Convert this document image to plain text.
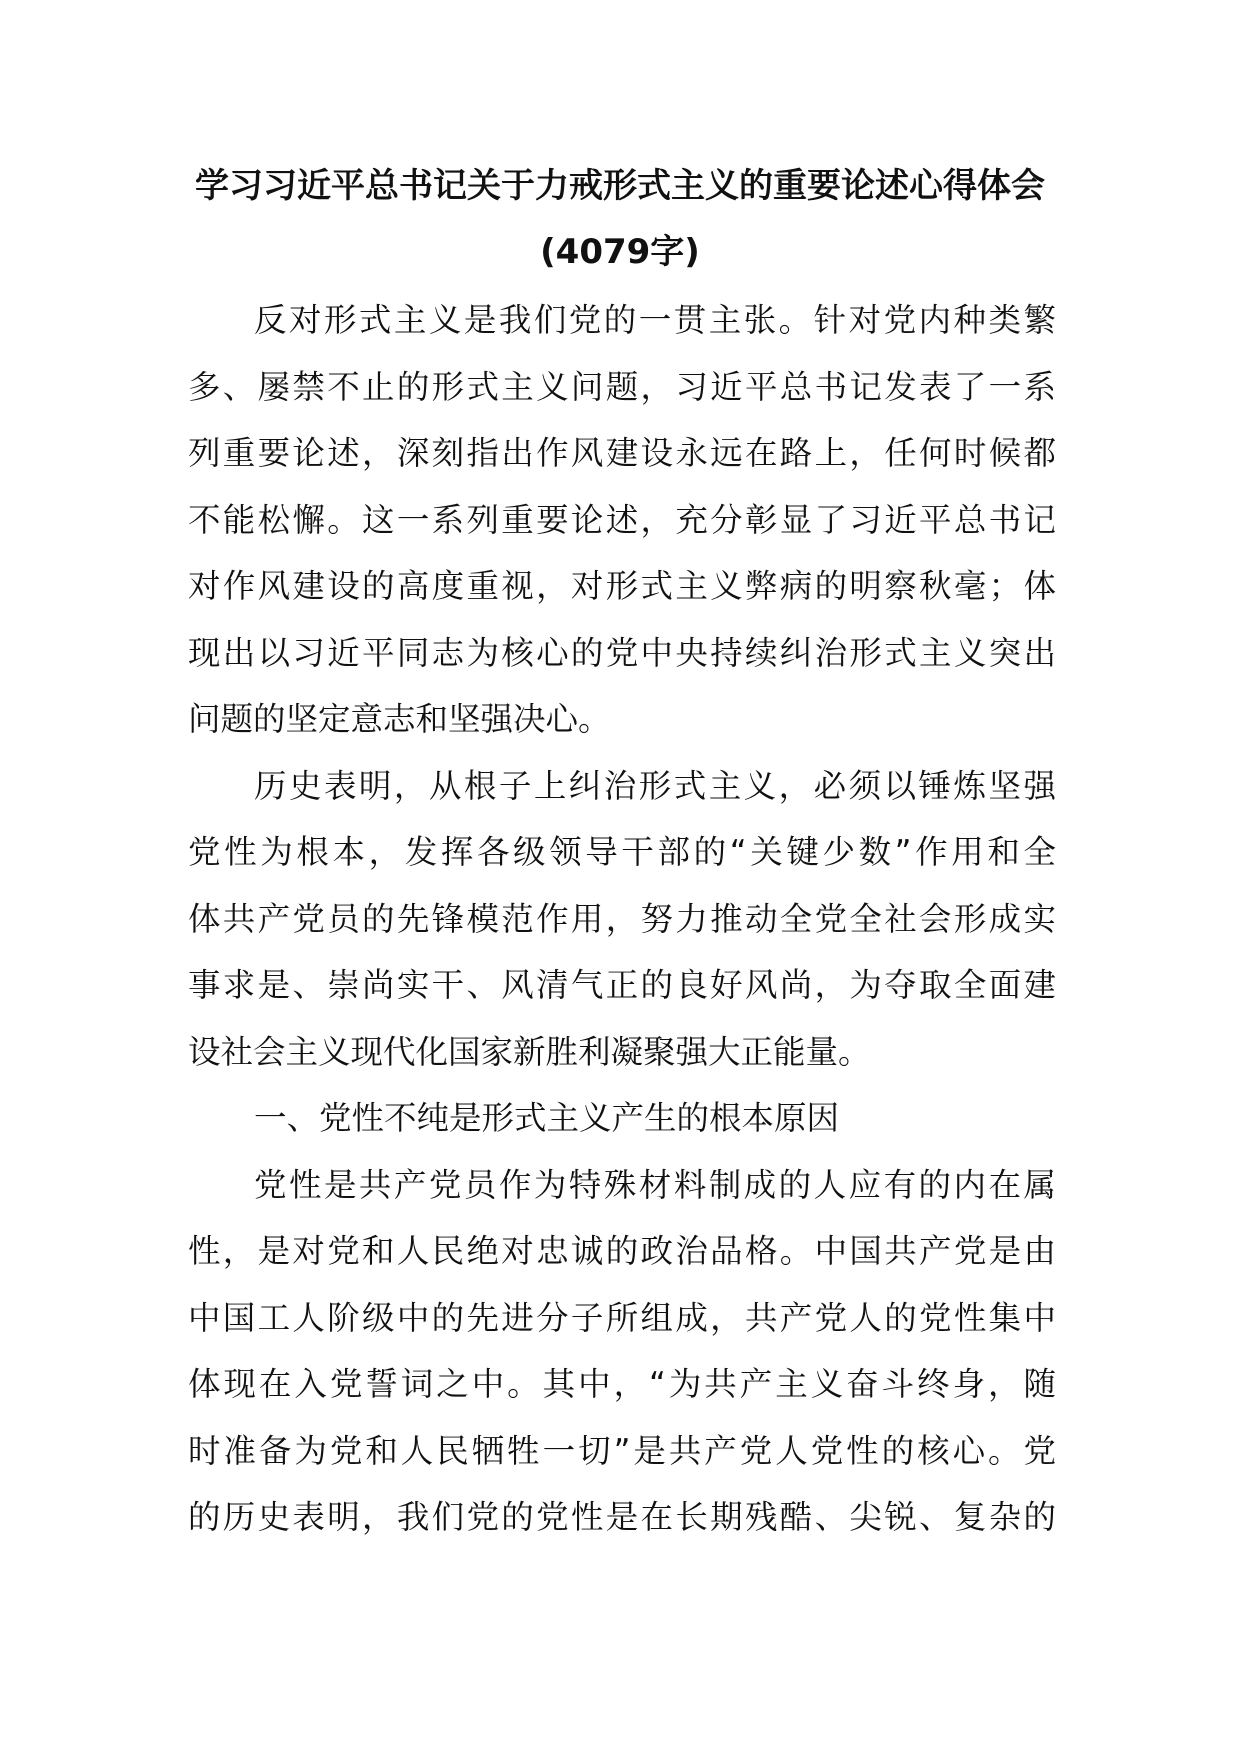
学习习近平总书记关于力戒形式主义的重要论述心得体会
(4079字)
反对形式主义是我们党的一贯主张。针对党内种类繁
多、屡禁不止的形式主义问题，习近平总书记发表了一系
列重要论述，深刻指出作风建设永远在路上，任何时候都
不能松懈。这一系列重要论述，充分彰显了习近平总书记
对作风建设的高度重视，对形式主义弊病的明察秋毫；体
现出以习近平同志为核心的党中央持续纠治形式主义突出
问题的坚定意志和坚强决心。
历史表明，从根子上纠治形式主义，必须以锤炼坚强
党性为根本，发挥各级领导干部的“关键少数”作用和全
体共产党员的先锋模范作用，努力推动全党全社会形成实
事求是、崇尚实干、风清气正的良好风尚，为夺取全面建
设社会主义现代化国家新胜利凝聚强大正能量。
一、党性不纯是形式主义产生的根本原因
党性是共产党员作为特殊材料制成的人应有的内在属
性，是对党和人民绝对忠诚的政治品格。中国共产党是由
中国工人阶级中的先进分子所组成，共产党人的党性集中
体现在入党誓词之中。其中，“为共产主义奋斗终身，随
时准备为党和人民牺牲一切”是共产党人党性的核心。党
的历史表明，我们党的党性是在长期残酷、尖锐、复杂的
